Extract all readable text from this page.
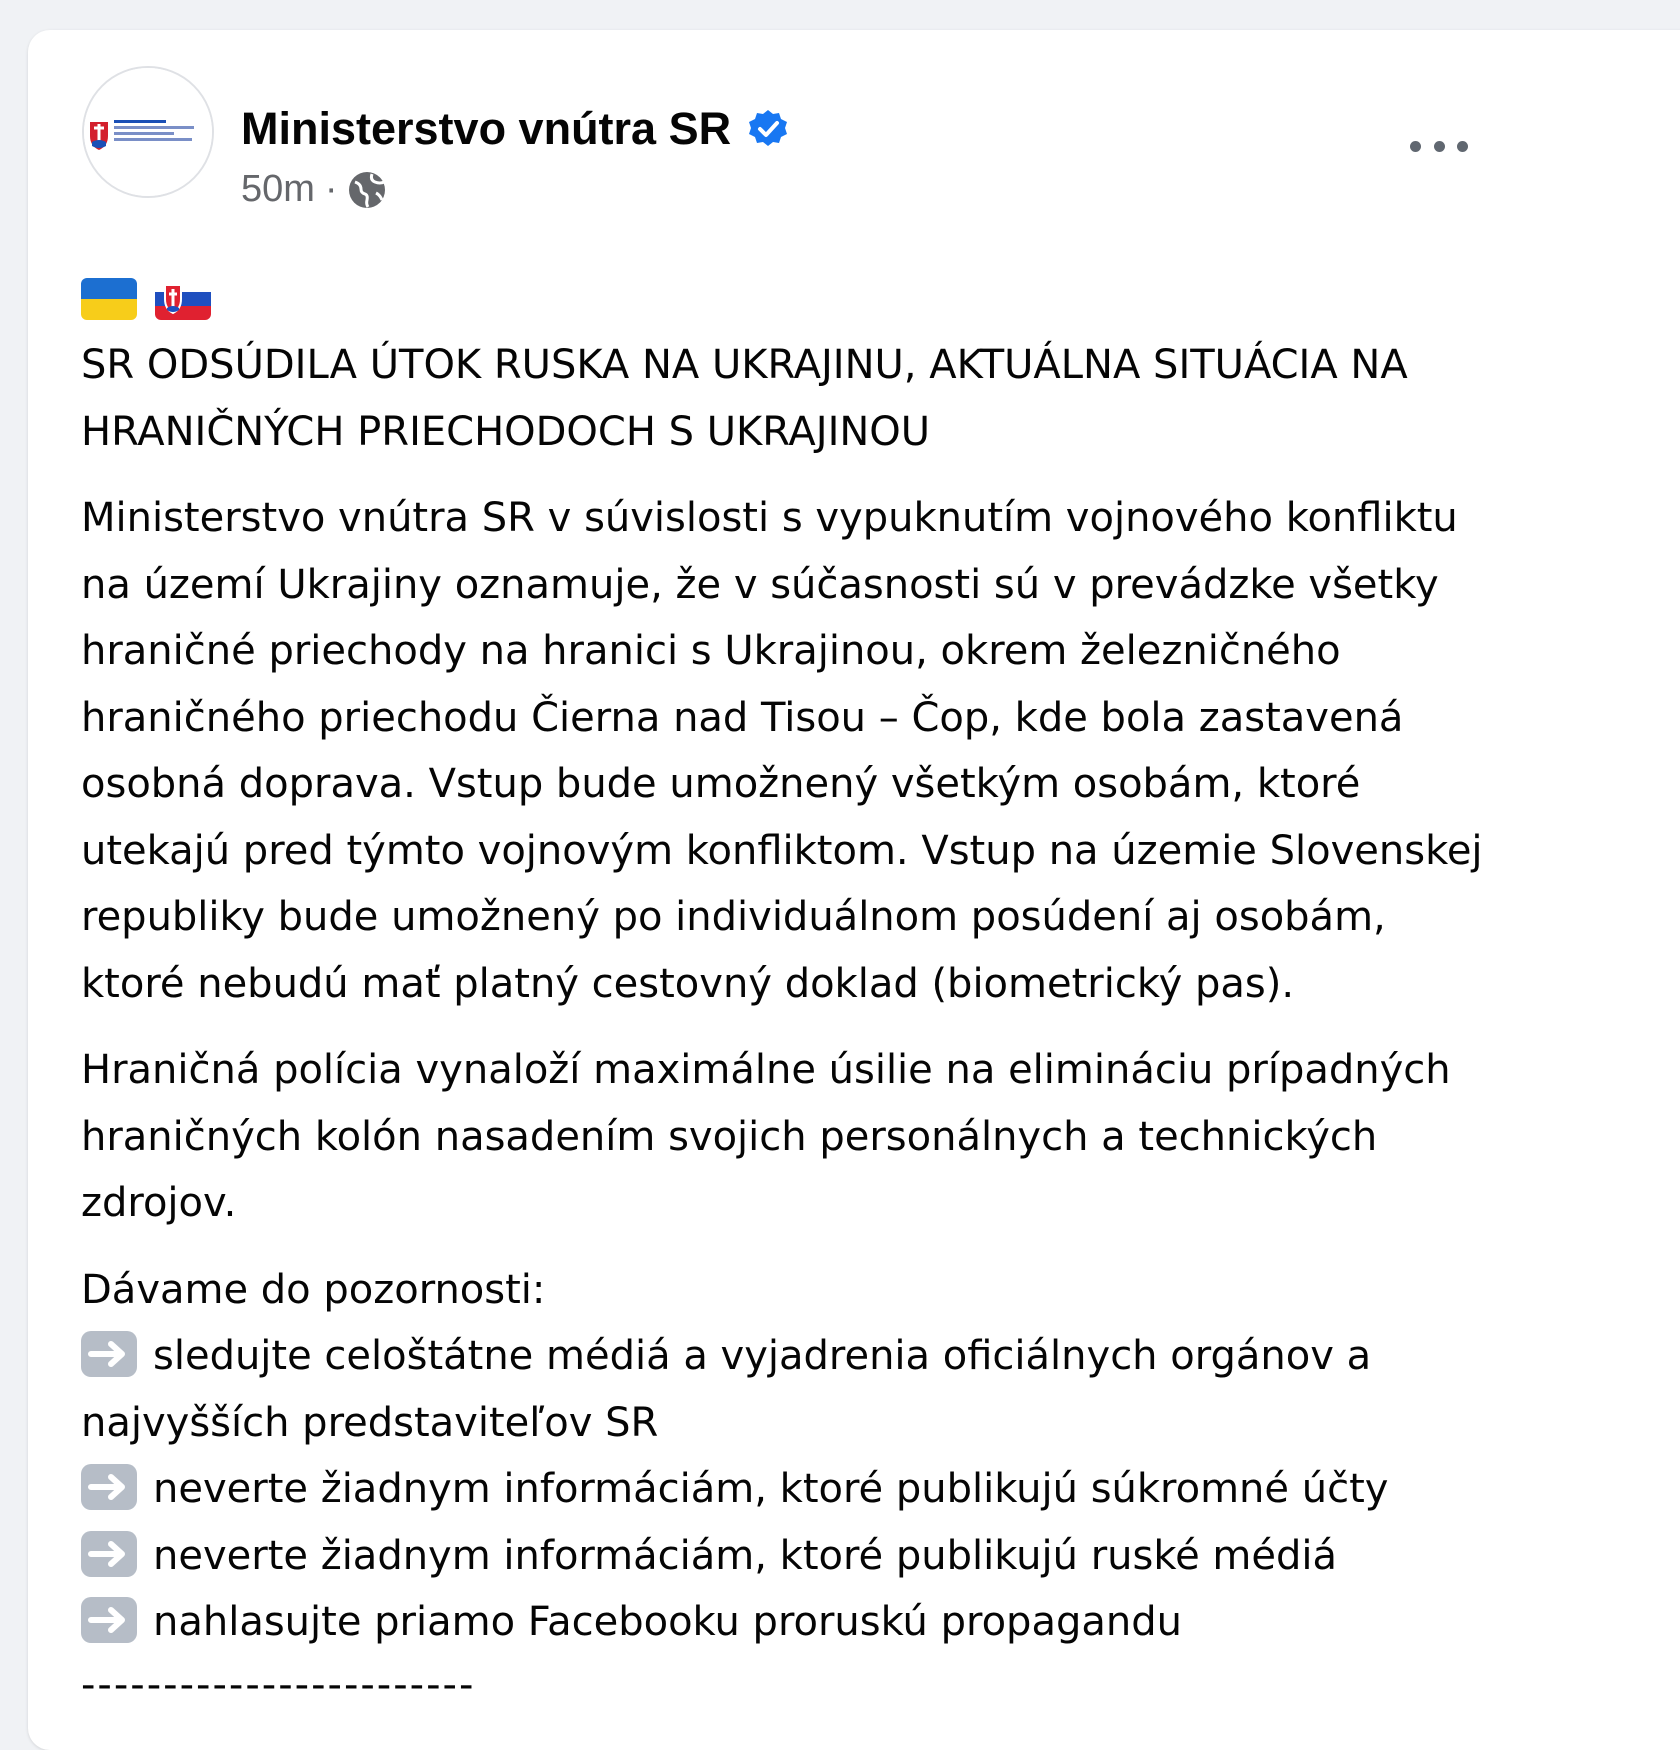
Ministerstvo vnútra SR
50m ·

SR ODSÚDILA ÚTOK RUSKA NA UKRAJINU, AKTUÁLNA SITUÁCIA NA
HRANIČNÝCH PRIECHODOCH S UKRAJINOU

Ministerstvo vnútra SR v súvislosti s vypuknutím vojnového konfliktu
na území Ukrajiny oznamuje, že v súčasnosti sú v prevádzke všetky
hraničné priechody na hranici s Ukrajinou, okrem železničného
hraničného priechodu Čierna nad Tisou – Čop, kde bola zastavená
osobná doprava. Vstup bude umožnený všetkým osobám, ktoré
utekajú pred týmto vojnovým konfliktom. Vstup na územie Slovenskej
republiky bude umožnený po individuálnom posúdení aj osobám,
ktoré nebudú mať platný cestovný doklad (biometrický pas).

Hraničná polícia vynaloží maximálne úsilie na elimináciu prípadných
hraničných kolón nasadením svojich personálnych a technických
zdrojov.

Dávame do pozornosti:
sledujte celoštátne médiá a vyjadrenia oficiálnych orgánov a
najvyšších predstaviteľov SR
neverte žiadnym informáciám, ktoré publikujú súkromné účty
neverte žiadnym informáciám, ktoré publikujú ruské médiá
nahlasujte priamo Facebooku proruskú propagandu
------------------------
